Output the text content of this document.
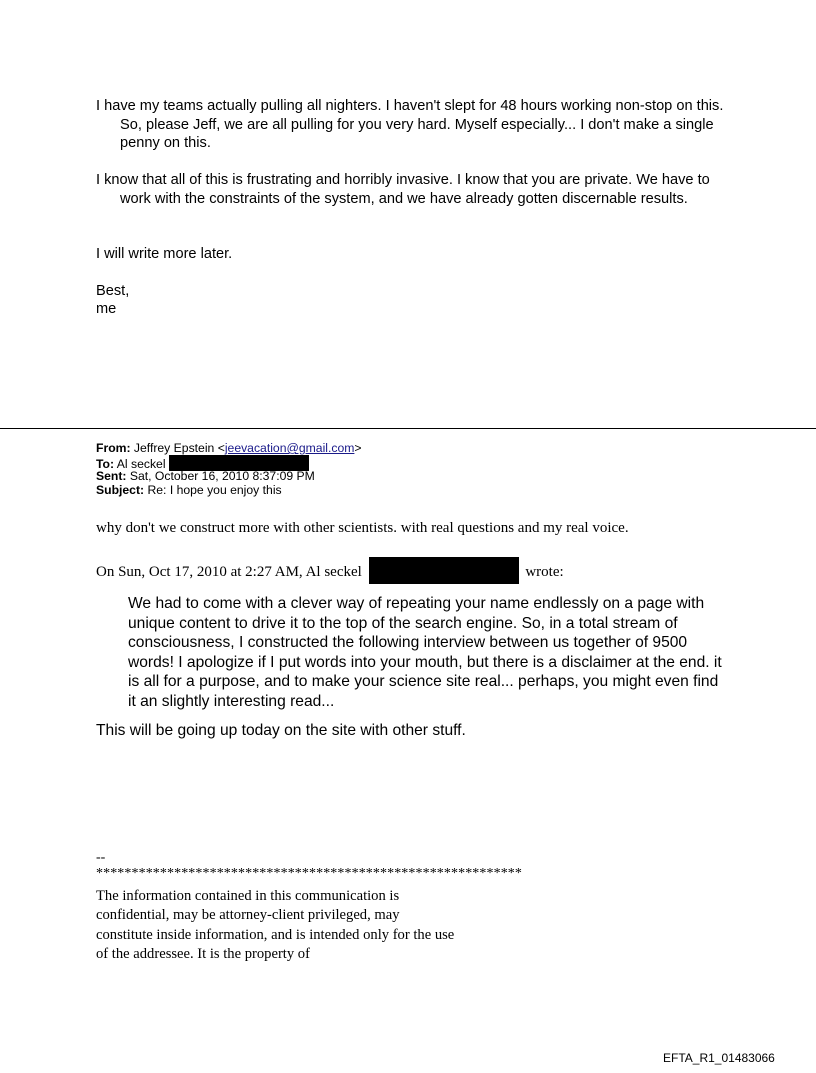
I have my teams actually pulling all nighters. I haven't slept for 48 hours working non-stop on this. So, please Jeff, we are all pulling for you very hard. Myself especially... I don't make a single penny on this.

I know that all of this is frustrating and horribly invasive. I know that you are private. We have to work with the constraints of the system, and we have already gotten discernable results.

I will write more later.

Best,

me

From: Jeffrey Epstein <jeevacation@gmail.com>
To: Al seckel
Sent: Sat, October 16, 2010 8:37:09 PM
Subject: Re: I hope you enjoy this
why don't we construct more with other scientists. with real questions and my real voice.
On Sun, Oct 17, 2010 at 2:27 AM, Al seckel	wrote:

We had to come with a clever way of repeating your name endlessly on a page with unique content to drive it to the top of the search engine. So, in a total stream of consciousness, I constructed the following interview between us together of 9500 words! I apologize if I put words into your mouth, but there is a disclaimer at the end. it is all for a purpose, and to make your science site real... perhaps, you might even find it an slightly interesting read...

This will be going up today on the site with other stuff.

--
************************************************************

The information contained in this communication is confidential, may be attorney-client privileged, may constitute inside information, and is intended only for the use of the addressee. It is the property of

EFTA_R1_01483066
